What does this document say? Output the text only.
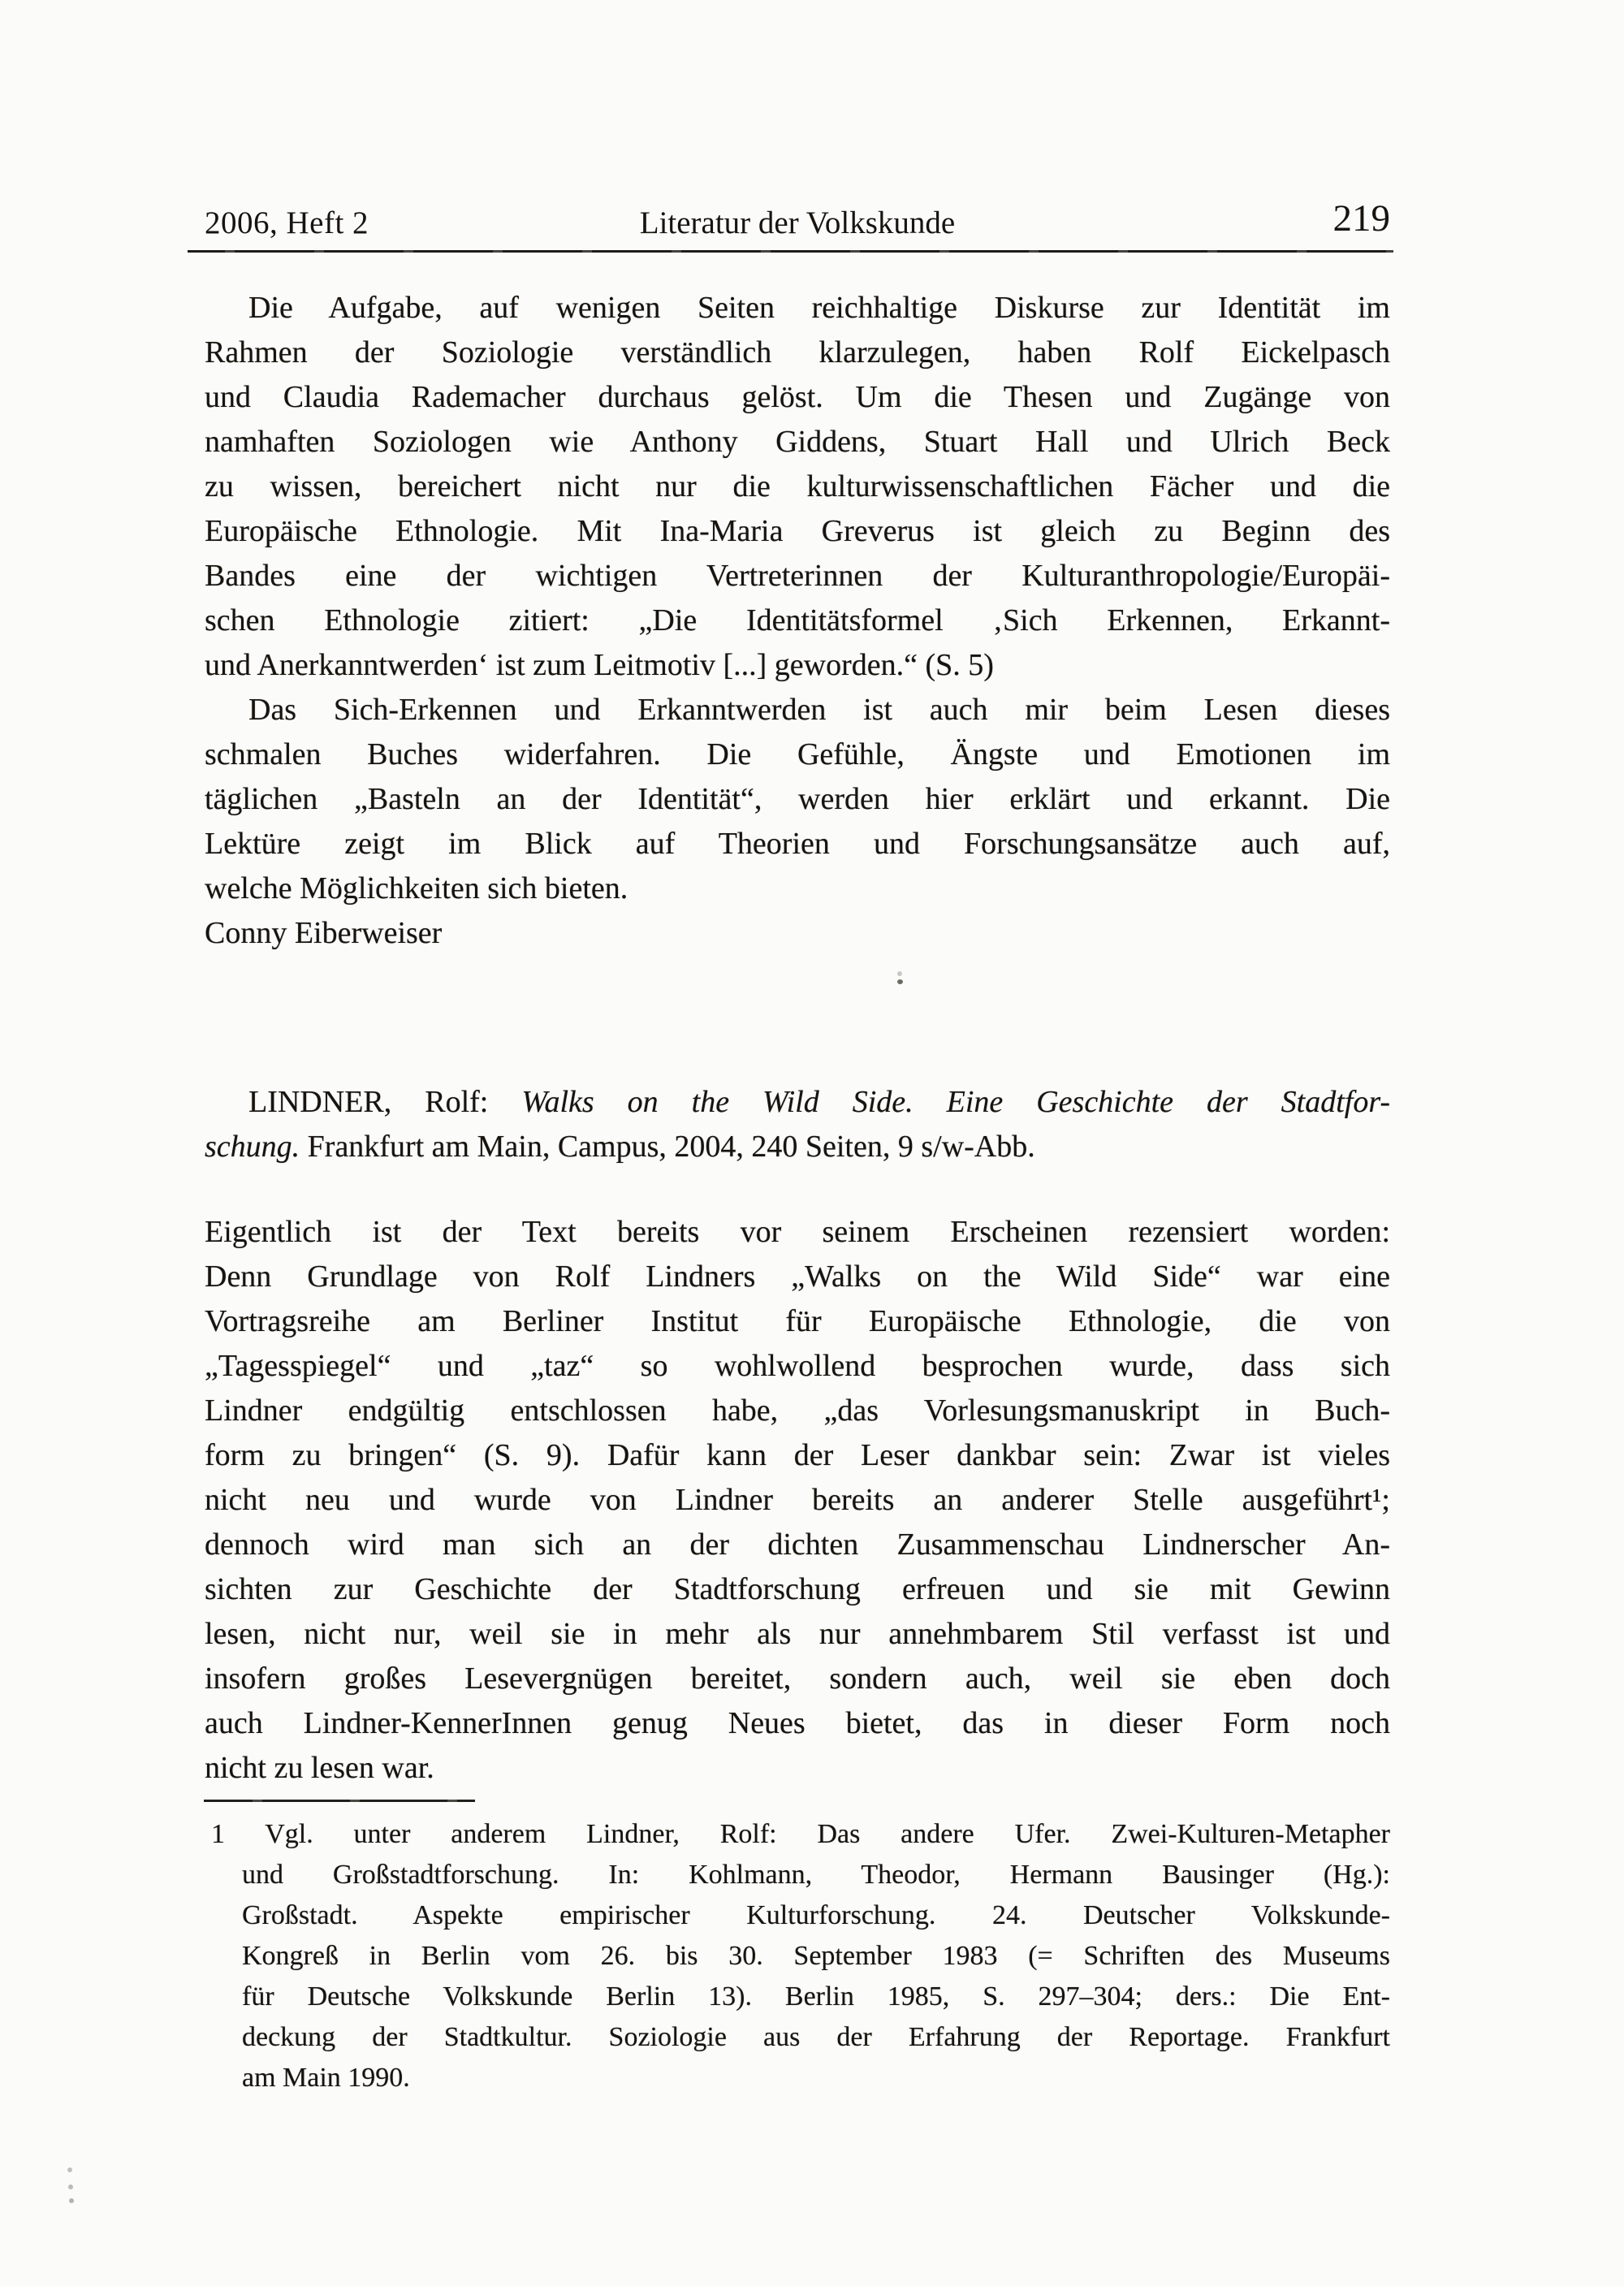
2006, Heft 2	Literatur der Volkskunde	219
Die Aufgabe, auf wenigen Seiten reichhaltige Diskurse zur Identität im
Rahmen der Soziologie verständlich klarzulegen, haben Rolf Eickelpasch
und Claudia Rademacher durchaus gelöst. Um die Thesen und Zugänge von
namhaften Soziologen wie Anthony Giddens, Stuart Hall und Ulrich Beck
zu wissen, bereichert nicht nur die kulturwissenschaftlichen Fächer und die
Europäische Ethnologie. Mit Ina-Maria Greverus ist gleich zu Beginn des
Bandes eine der wichtigen Vertreterinnen der Kulturanthropologie/Europäi-
schen Ethnologie zitiert: „Die Identitätsformel ‚Sich Erkennen, Erkannt-
und Anerkanntwerden‘ ist zum Leitmotiv [...] geworden.“ (S. 5)
Das Sich-Erkennen und Erkanntwerden ist auch mir beim Lesen dieses
schmalen Buches widerfahren. Die Gefühle, Ängste und Emotionen im
täglichen „Basteln an der Identität“, werden hier erklärt und erkannt. Die
Lektüre zeigt im Blick auf Theorien und Forschungsansätze auch auf,
welche Möglichkeiten sich bieten.
Conny Eiberweiser
LINDNER, Rolf: Walks on the Wild Side. Eine Geschichte der Stadtfor-
schung. Frankfurt am Main, Campus, 2004, 240 Seiten, 9 s/w-Abb.
Eigentlich ist der Text bereits vor seinem Erscheinen rezensiert worden:
Denn Grundlage von Rolf Lindners „Walks on the Wild Side“ war eine
Vortragsreihe am Berliner Institut für Europäische Ethnologie, die von
„Tagesspiegel“ und „taz“ so wohlwollend besprochen wurde, dass sich
Lindner endgültig entschlossen habe, „das Vorlesungsmanuskript in Buch-
form zu bringen“ (S. 9). Dafür kann der Leser dankbar sein: Zwar ist vieles
nicht neu und wurde von Lindner bereits an anderer Stelle ausgeführt¹;
dennoch wird man sich an der dichten Zusammenschau Lindnerscher An-
sichten zur Geschichte der Stadtforschung erfreuen und sie mit Gewinn
lesen, nicht nur, weil sie in mehr als nur annehmbarem Stil verfasst ist und
insofern großes Lesevergnügen bereitet, sondern auch, weil sie eben doch
auch Lindner-KennerInnen genug Neues bietet, das in dieser Form noch
nicht zu lesen war.
1 Vgl. unter anderem Lindner, Rolf: Das andere Ufer. Zwei-Kulturen-Metapher
und Großstadtforschung. In: Kohlmann, Theodor, Hermann Bausinger (Hg.):
Großstadt. Aspekte empirischer Kulturforschung. 24. Deutscher Volkskunde-
Kongreß in Berlin vom 26. bis 30. September 1983 (= Schriften des Museums
für Deutsche Volkskunde Berlin 13). Berlin 1985, S. 297–304; ders.: Die Ent-
deckung der Stadtkultur. Soziologie aus der Erfahrung der Reportage. Frankfurt
am Main 1990.
